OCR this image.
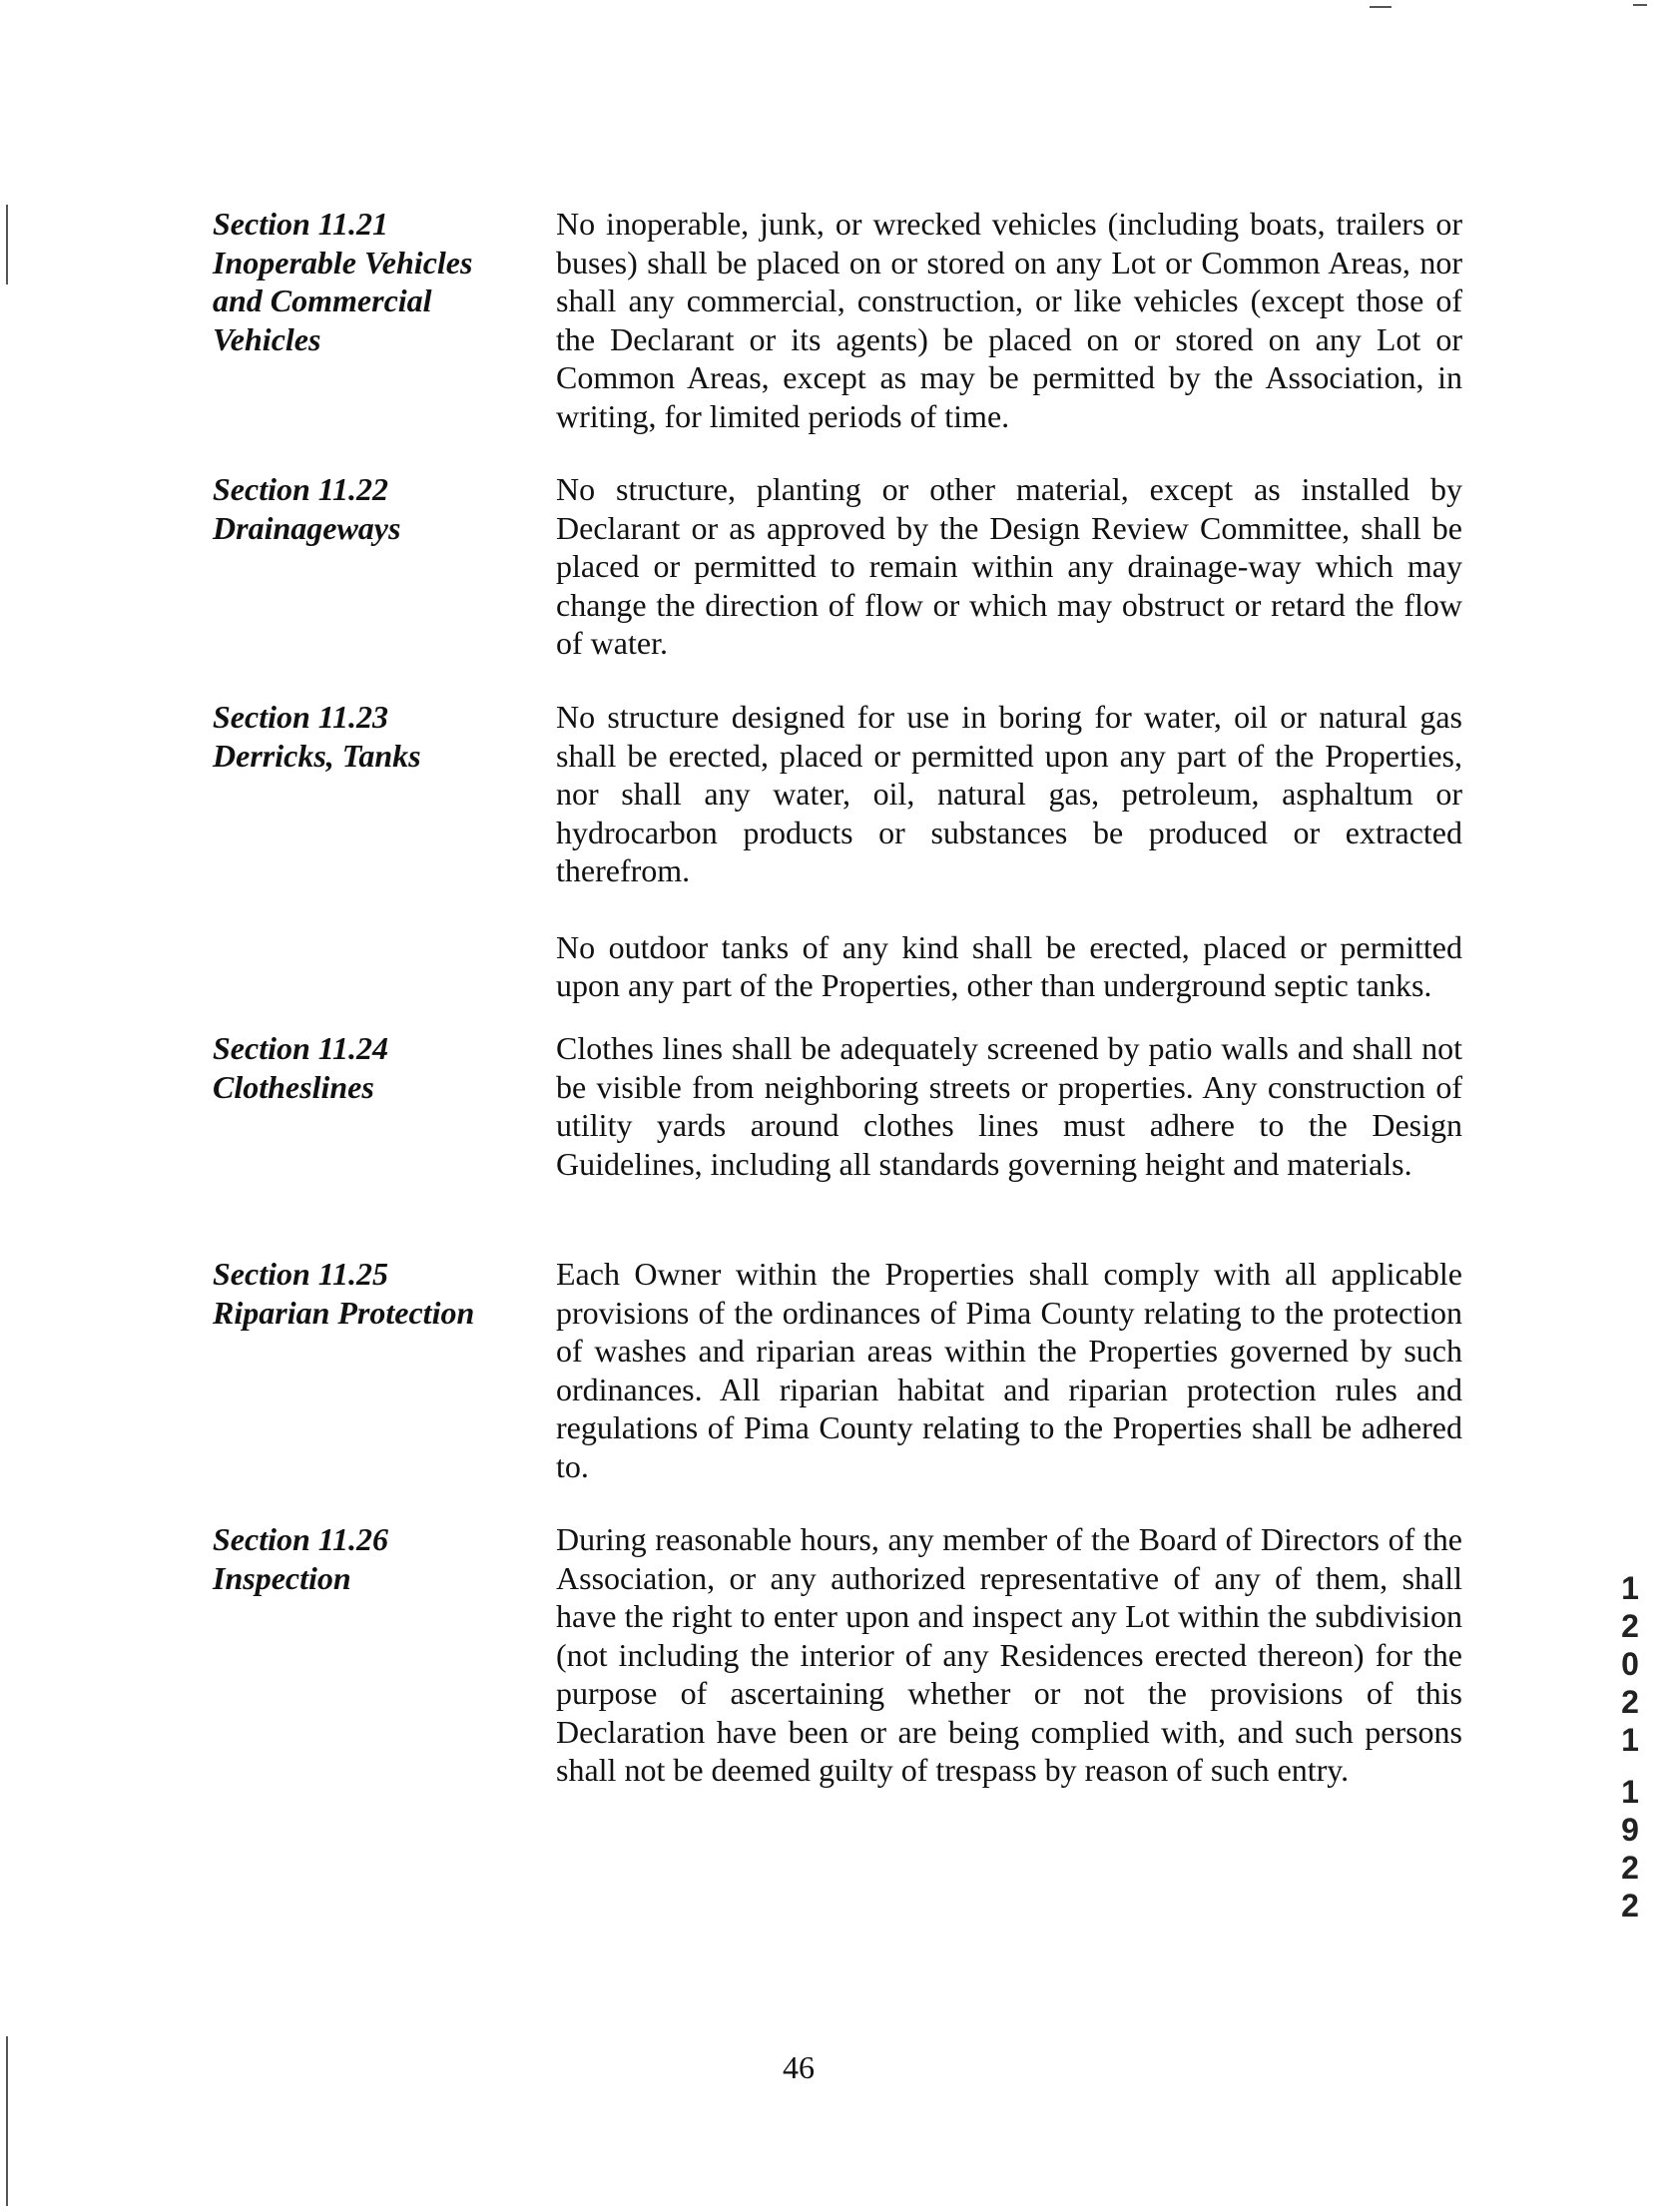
Section 11.21
Inoperable Vehicles
and Commercial
Vehicles

No inoperable, junk, or wrecked vehicles (including boats, trailers or buses) shall be placed on or stored on any Lot or Common Areas, nor shall any commercial, construction, or like vehicles (except those of the Declarant or its agents) be placed on or stored on any Lot or Common Areas, except as may be permitted by the Association, in writing, for limited periods of time.

Section 11.22
Drainageways

No structure, planting or other material, except as installed by Declarant or as approved by the Design Review Committee, shall be placed or permitted to remain within any drainage-way which may change the direction of flow or which may obstruct or retard the flow of water.

Section 11.23
Derricks, Tanks

No structure designed for use in boring for water, oil or natural gas shall be erected, placed or permitted upon any part of the Properties, nor shall any water, oil, natural gas, petroleum, asphaltum or hydrocarbon products or substances be produced or extracted therefrom.

No outdoor tanks of any kind shall be erected, placed or permitted upon any part of the Properties, other than underground septic tanks.

Section 11.24
Clotheslines

Clothes lines shall be adequately screened by patio walls and shall not be visible from neighboring streets or properties. Any construction of utility yards around clothes lines must adhere to the Design Guidelines, including all standards governing height and materials.

Section 11.25
Riparian Protection

Each Owner within the Properties shall comply with all applicable provisions of the ordinances of Pima County relating to the protection of washes and riparian areas within the Properties governed by such ordinances. All riparian habitat and riparian protection rules and regulations of Pima County relating to the Properties shall be adhered to.

Section 11.26
Inspection

During reasonable hours, any member of the Board of Directors of the Association, or any authorized representative of any of them, shall have the right to enter upon and inspect any Lot within the subdivision (not including the interior of any Residences erected thereon) for the purpose of ascertaining whether or not the provisions of this Declaration have been or are being complied with, and such persons shall not be deemed guilty of trespass by reason of such entry.

46
1
2
0
2
1
1
9
2
2
